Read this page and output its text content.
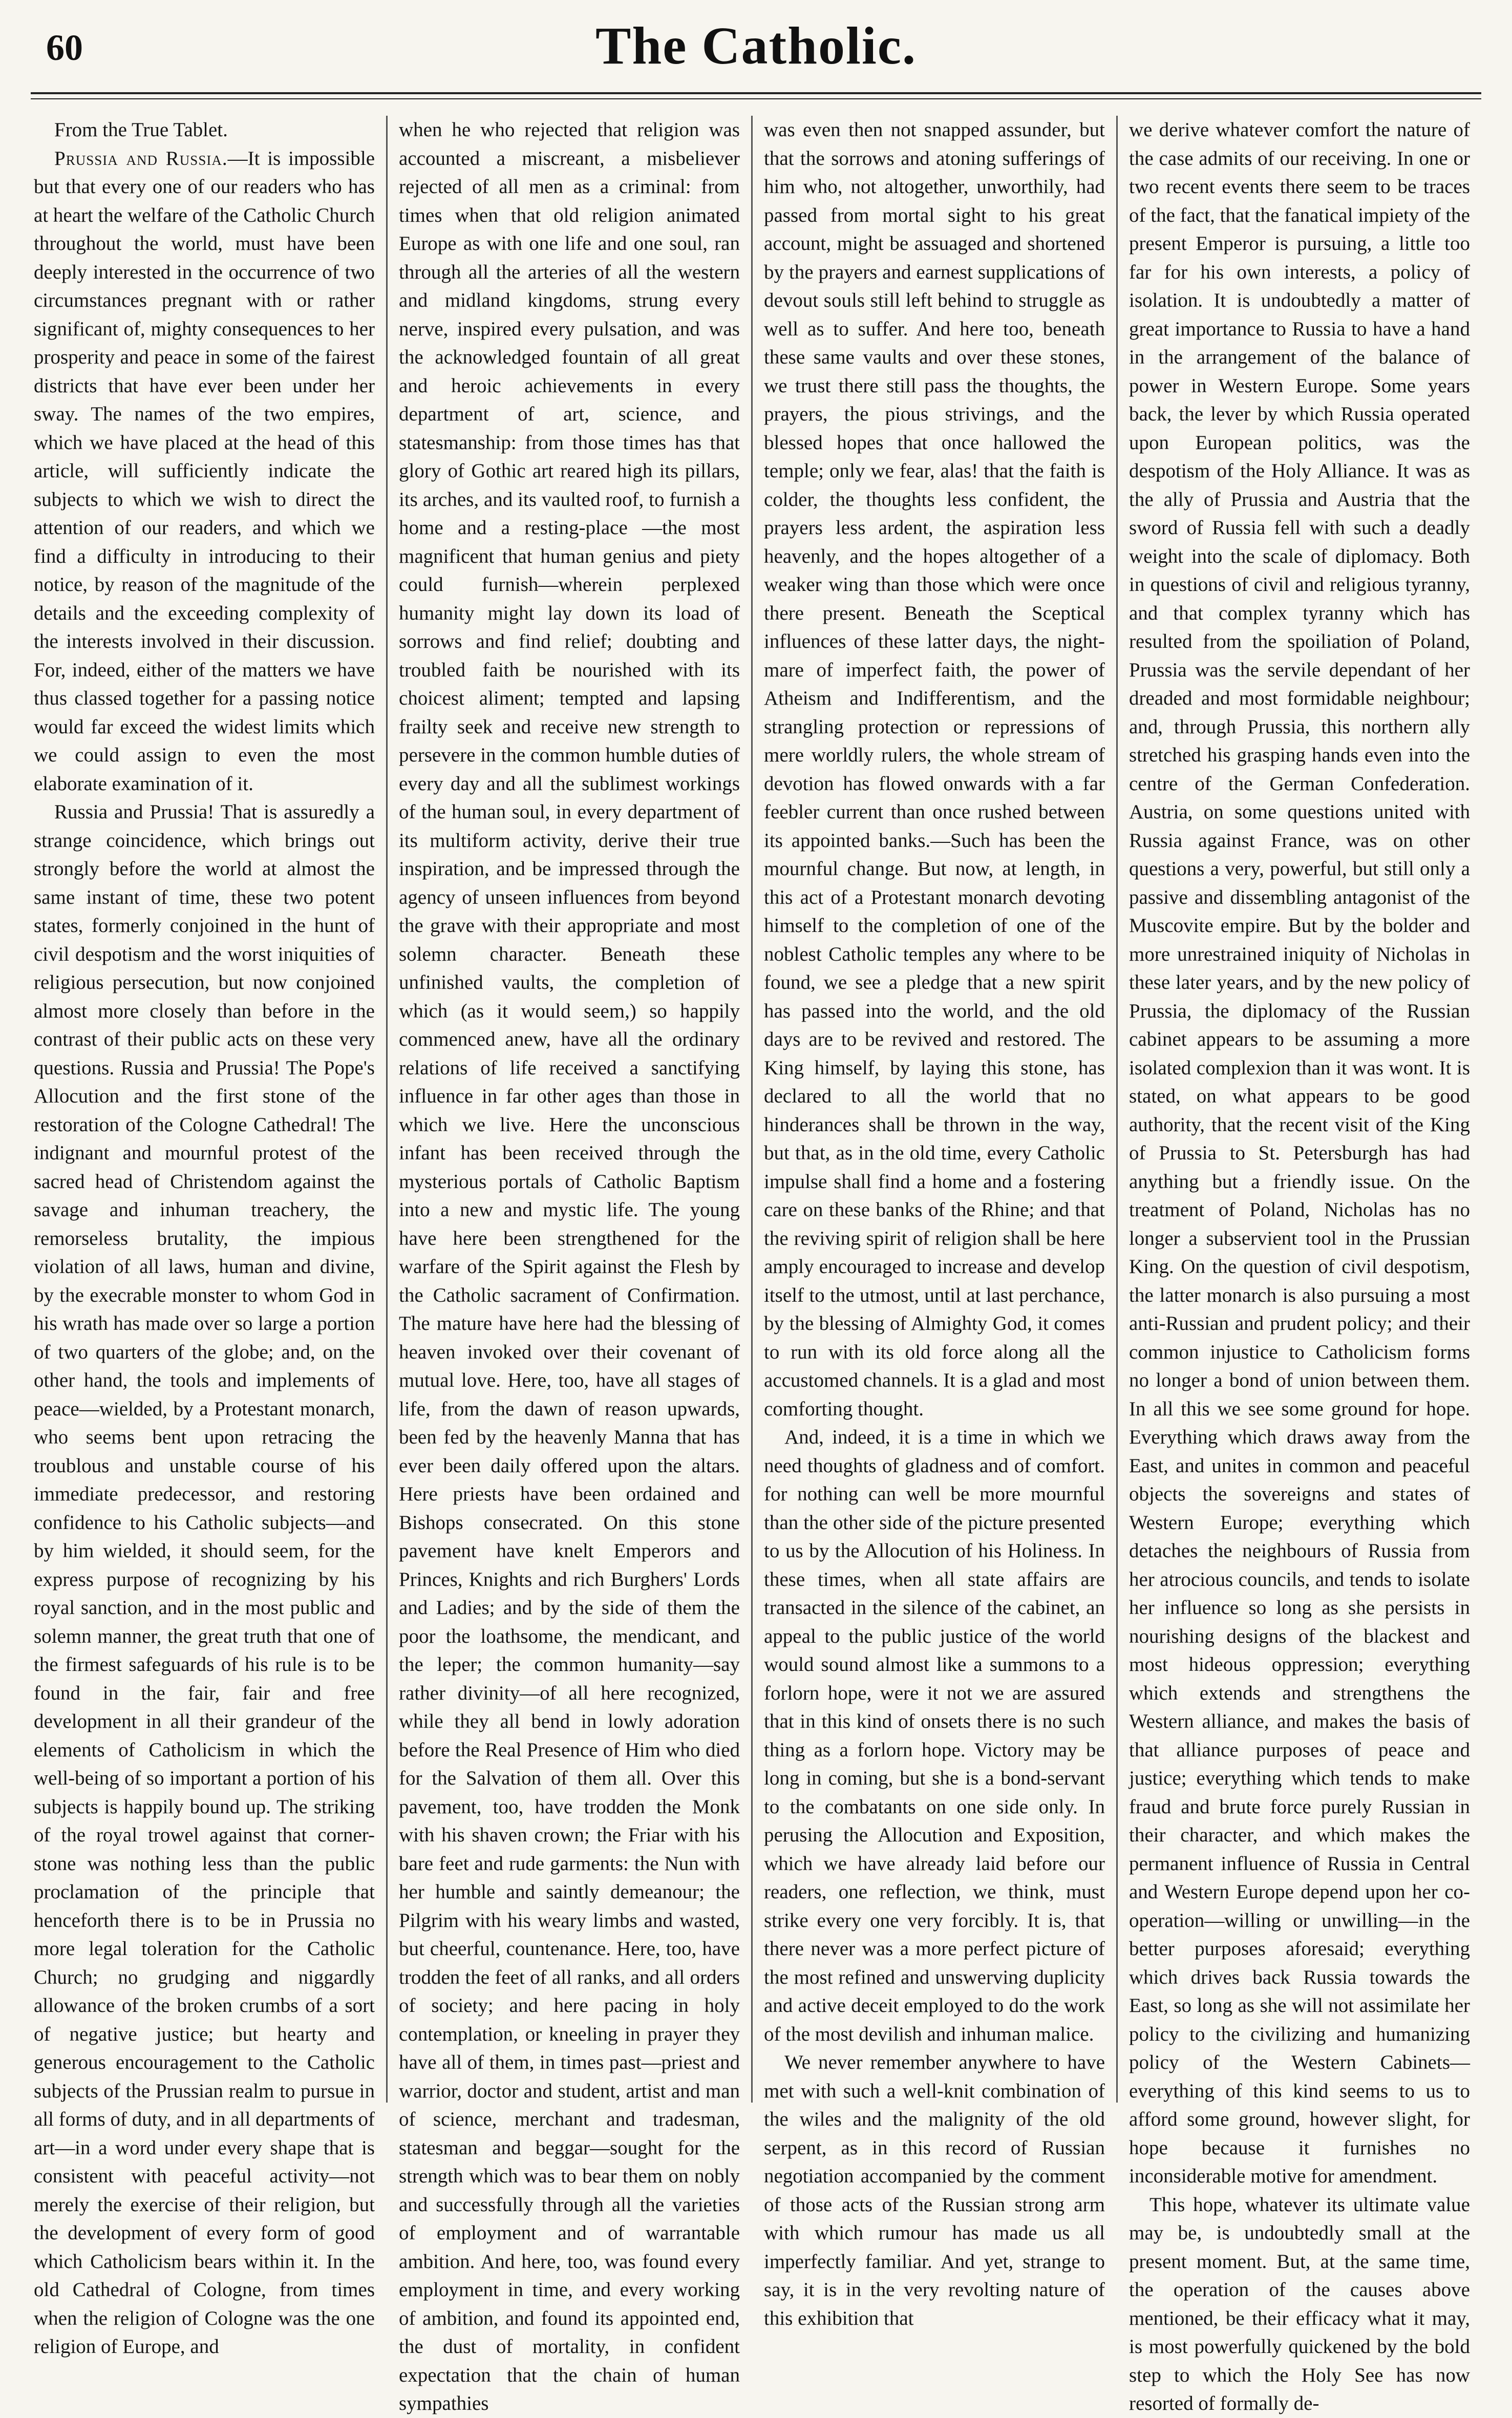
60	The Catholic.

From the True Tablet.

Prussia and Russia.—It is impossible but that every one of our readers who has at heart the welfare of the Catholic Church throughout the world, must have been deeply interested in the occurrence of two circumstances pregnant with or rather significant of, mighty consequences to her prosperity and peace in some of the fairest districts that have ever been under her sway. The names of the two empires, which we have placed at the head of this article, will sufficiently indicate the subjects to which we wish to direct the attention of our readers, and which we find a difficulty in introducing to their notice, by reason of the magnitude of the details and the exceeding complexity of the interests involved in their discussion. For, indeed, either of the matters we have thus classed together for a passing notice would far exceed the widest limits which we could assign to even the most elaborate examination of it.

Russia and Prussia! That is assuredly a strange coincidence, which brings out strongly before the world at almost the same instant of time, these two potent states, formerly conjoined in the hunt of civil despotism and the worst iniquities of religious persecution, but now conjoined almost more closely than before in the contrast of their public acts on these very questions. Russia and Prussia! The Pope's Allocution and the first stone of the restoration of the Cologne Cathedral! The indignant and mournful protest of the sacred head of Christendom against the savage and inhuman treachery, the remorseless brutality, the impious violation of all laws, human and divine, by the execrable monster to whom God in his wrath has made over so large a portion of two quarters of the globe; and, on the other hand, the tools and implements of peace—wielded, by a Protestant monarch, who seems bent upon retracing the troublous and unstable course of his immediate predecessor, and restoring confidence to his Catholic subjects—and by him wielded, it should seem, for the express purpose of recognizing by his royal sanction, and in the most public and solemn manner, the great truth that one of the firmest safeguards of his rule is to be found in the fair, fair and free development in all their grandeur of the elements of Catholicism in which the well-being of so important a portion of his subjects is happily bound up. The striking of the royal trowel against that corner-stone was nothing less than the public proclamation of the principle that henceforth there is to be in Prussia no more legal toleration for the Catholic Church; no grudging and niggardly allowance of the broken crumbs of a sort of negative justice; but hearty and generous encouragement to the Catholic subjects of the Prussian realm to pursue in all forms of duty, and in all departments of art—in a word under every shape that is consistent with peaceful activity—not merely the exercise of their religion, but the development of every form of good which Catholicism bears within it. In the old Cathedral of Cologne, from times when the religion of Cologne was the one religion of Europe, and

when he who rejected that religion was accounted a miscreant, a misbeliever rejected of all men as a criminal: from times when that old religion animated Europe as with one life and one soul, ran through all the arteries of all the western and midland kingdoms, strung every nerve, inspired every pulsation, and was the acknowledged fountain of all great and heroic achievements in every department of art, science, and statesmanship: from those times has that glory of Gothic art reared high its pillars, its arches, and its vaulted roof, to furnish a home and a resting-place —the most magnificent that human genius and piety could furnish—wherein perplexed humanity might lay down its load of sorrows and find relief; doubting and troubled faith be nourished with its choicest aliment; tempted and lapsing frailty seek and receive new strength to persevere in the common humble duties of every day and all the sublimest workings of the human soul, in every department of its multiform activity, derive their true inspiration, and be impressed through the agency of unseen influences from beyond the grave with their appropriate and most solemn character. Beneath these unfinished vaults, the completion of which (as it would seem,) so happily commenced anew, have all the ordinary relations of life received a sanctifying influence in far other ages than those in which we live. Here the unconscious infant has been received through the mysterious portals of Catholic Baptism into a new and mystic life. The young have here been strengthened for the warfare of the Spirit against the Flesh by the Catholic sacrament of Confirmation. The mature have here had the blessing of heaven invoked over their covenant of mutual love. Here, too, have all stages of life, from the dawn of reason upwards, been fed by the heavenly Manna that has ever been daily offered upon the altars. Here priests have been ordained and Bishops consecrated. On this stone pavement have knelt Emperors and Princes, Knights and rich Burghers' Lords and Ladies; and by the side of them the poor the loathsome, the mendicant, and the leper; the common humanity—say rather divinity—of all here recognized, while they all bend in lowly adoration before the Real Presence of Him who died for the Salvation of them all. Over this pavement, too, have trodden the Monk with his shaven crown; the Friar with his bare feet and rude garments: the Nun with her humble and saintly demeanour; the Pilgrim with his weary limbs and wasted, but cheerful, countenance. Here, too, have trodden the feet of all ranks, and all orders of society; and here pacing in holy contemplation, or kneeling in prayer they have all of them, in times past—priest and warrior, doctor and student, artist and man of science, merchant and tradesman, statesman and beggar—sought for the strength which was to bear them on nobly and successfully through all the varieties of employment and of warrantable ambition. And here, too, was found every employment in time, and every working of ambition, and found its appointed end, the dust of mortality, in confident expectation that the chain of human sympathies

was even then not snapped assunder, but that the sorrows and atoning sufferings of him who, not altogether, unworthily, had passed from mortal sight to his great account, might be assuaged and shortened by the prayers and earnest supplications of devout souls still left behind to struggle as well as to suffer. And here too, beneath these same vaults and over these stones, we trust there still pass the thoughts, the prayers, the pious strivings, and the blessed hopes that once hallowed the temple; only we fear, alas! that the faith is colder, the thoughts less confident, the prayers less ardent, the aspiration less heavenly, and the hopes altogether of a weaker wing than those which were once there present. Beneath the Sceptical influences of these latter days, the night-mare of imperfect faith, the power of Atheism and Indifferentism, and the strangling protection or repressions of mere worldly rulers, the whole stream of devotion has flowed onwards with a far feebler current than once rushed between its appointed banks.—Such has been the mournful change. But now, at length, in this act of a Protestant monarch devoting himself to the completion of one of the noblest Catholic temples any where to be found, we see a pledge that a new spirit has passed into the world, and the old days are to be revived and restored. The King himself, by laying this stone, has declared to all the world that no hinderances shall be thrown in the way, but that, as in the old time, every Catholic impulse shall find a home and a fostering care on these banks of the Rhine; and that the reviving spirit of religion shall be here amply encouraged to increase and develop itself to the utmost, until at last perchance, by the blessing of Almighty God, it comes to run with its old force along all the accustomed channels. It is a glad and most comforting thought.

And, indeed, it is a time in which we need thoughts of gladness and of comfort. for nothing can well be more mournful than the other side of the picture presented to us by the Allocution of his Holiness. In these times, when all state affairs are transacted in the silence of the cabinet, an appeal to the public justice of the world would sound almost like a summons to a forlorn hope, were it not we are assured that in this kind of onsets there is no such thing as a forlorn hope. Victory may be long in coming, but she is a bond-servant to the combatants on one side only. In perusing the Allocution and Exposition, which we have already laid before our readers, one reflection, we think, must strike every one very forcibly. It is, that there never was a more perfect picture of the most refined and unswerving duplicity and active deceit employed to do the work of the most devilish and inhuman malice.

We never remember anywhere to have met with such a well-knit combination of the wiles and the malignity of the old serpent, as in this record of Russian negotiation accompanied by the comment of those acts of the Russian strong arm with which rumour has made us all imperfectly familiar. And yet, strange to say, it is in the very revolting nature of this exhibition that

we derive whatever comfort the nature of the case admits of our receiving. In one or two recent events there seem to be traces of the fact, that the fanatical impiety of the present Emperor is pursuing, a little too far for his own interests, a policy of isolation. It is undoubtedly a matter of great importance to Russia to have a hand in the arrangement of the balance of power in Western Europe. Some years back, the lever by which Russia operated upon European politics, was the despotism of the Holy Alliance. It was as the ally of Prussia and Austria that the sword of Russia fell with such a deadly weight into the scale of diplomacy. Both in questions of civil and religious tyranny, and that complex tyranny which has resulted from the spoiliation of Poland, Prussia was the servile dependant of her dreaded and most formidable neighbour; and, through Prussia, this northern ally stretched his grasping hands even into the centre of the German Confederation. Austria, on some questions united with Russia against France, was on other questions a very, powerful, but still only a passive and dissembling antagonist of the Muscovite empire. But by the bolder and more unrestrained iniquity of Nicholas in these later years, and by the new policy of Prussia, the diplomacy of the Russian cabinet appears to be assuming a more isolated complexion than it was wont. It is stated, on what appears to be good authority, that the recent visit of the King of Prussia to St. Petersburgh has had anything but a friendly issue. On the treatment of Poland, Nicholas has no longer a subservient tool in the Prussian King. On the question of civil despotism, the latter monarch is also pursuing a most anti-Russian and prudent policy; and their common injustice to Catholicism forms no longer a bond of union between them. In all this we see some ground for hope. Everything which draws away from the East, and unites in common and peaceful objects the sovereigns and states of Western Europe; everything which detaches the neighbours of Russia from her atrocious councils, and tends to isolate her influence so long as she persists in nourishing designs of the blackest and most hideous oppression; everything which extends and strengthens the Western alliance, and makes the basis of that alliance purposes of peace and justice; everything which tends to make fraud and brute force purely Russian in their character, and which makes the permanent influence of Russia in Central and Western Europe depend upon her co-operation—willing or unwilling—in the better purposes aforesaid; everything which drives back Russia towards the East, so long as she will not assimilate her policy to the civilizing and humanizing policy of the Western Cabinets—everything of this kind seems to us to afford some ground, however slight, for hope because it furnishes no inconsiderable motive for amendment.

This hope, whatever its ultimate value may be, is undoubtedly small at the present moment. But, at the same time, the operation of the causes above mentioned, be their efficacy what it may, is most powerfully quickened by the bold step to which the Holy See has now resorted of formally de-
